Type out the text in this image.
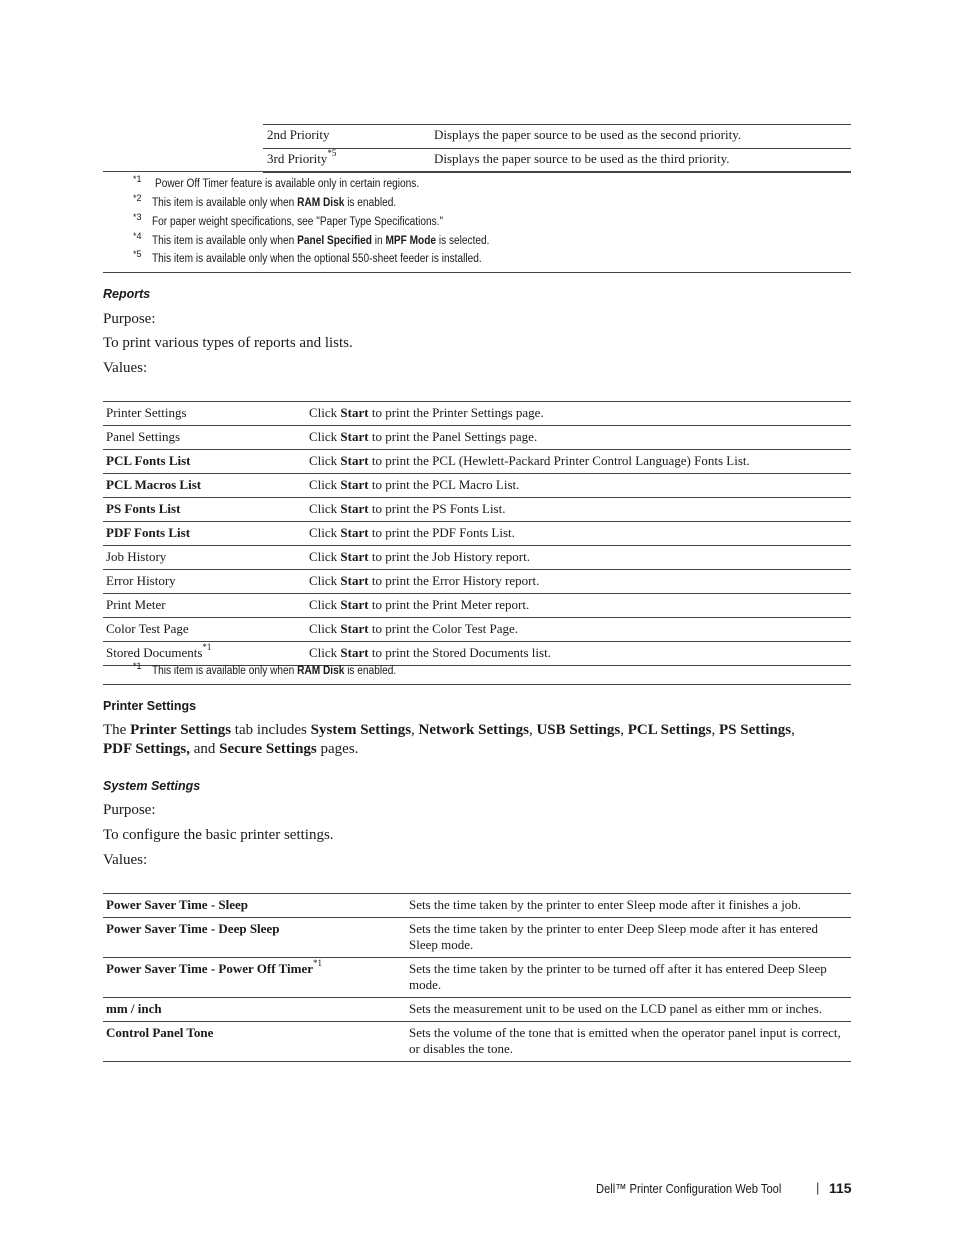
2nd Priority	Displays the paper source to be used as the second priority.
3rd Priority$^{*5}$	Displays the paper source to be used as the third priority.
*1 Power Off Timer feature is available only in certain regions.
*2 This item is available only when RAM Disk is enabled.
*3 For paper weight specifications, see "Paper Type Specifications."
*4 This item is available only when Panel Specified in MPF Mode is selected.
*5 This item is available only when the optional 550-sheet feeder is installed.
Reports
Purpose:
To print various types of reports and lists.
Values:
Printer Settings	Click Start to print the Printer Settings page.
Panel Settings	Click Start to print the Panel Settings page.
PCL Fonts List	Click Start to print the PCL (Hewlett-Packard Printer Control Language) Fonts List.
PCL Macros List	Click Start to print the PCL Macro List.
PS Fonts List	Click Start to print the PS Fonts List.
PDF Fonts List	Click Start to print the PDF Fonts List.
Job History	Click Start to print the Job History report.
Error History	Click Start to print the Error History report.
Print Meter	Click Start to print the Print Meter report.
Color Test Page	Click Start to print the Color Test Page.
Stored Documents$^{*1}$	Click Start to print the Stored Documents list.
*1 This item is available only when RAM Disk is enabled.
Printer Settings
The Printer Settings tab includes System Settings, Network Settings, USB Settings, PCL Settings, PS Settings,
PDF Settings, and Secure Settings pages.
System Settings
Purpose:
To configure the basic printer settings.
Values:
Power Saver Time - Sleep	Sets the time taken by the printer to enter Sleep mode after it finishes a job.
Power Saver Time - Deep Sleep	Sets the time taken by the printer to enter Deep Sleep mode after it has entered Sleep mode.
Power Saver Time - Power Off Timer$^{*1}$	Sets the time taken by the printer to be turned off after it has entered Deep Sleep mode.
mm / inch	Sets the measurement unit to be used on the LCD panel as either mm or inches.
Control Panel Tone	Sets the volume of the tone that is emitted when the operator panel input is correct, or disables the tone.
Dell™ Printer Configuration Web Tool	| 115
